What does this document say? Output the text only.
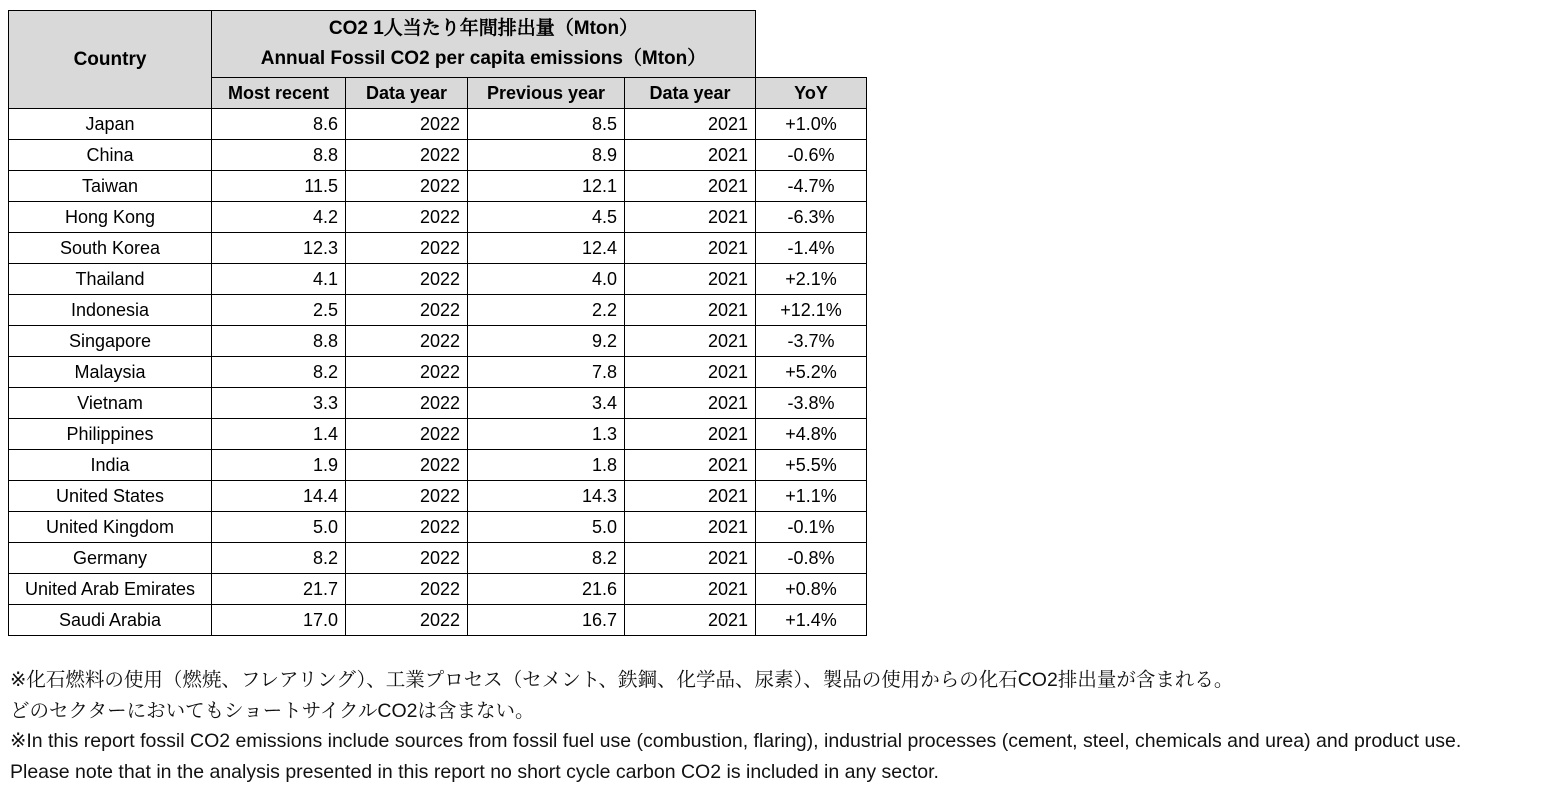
Country	CO2 1人当たり年間排出量（Mton）
Annual Fossil CO2 per capita emissions（Mton）				

	Most recent	Data year	Previous year	Data year	YoY
Japan	8.6	2022	8.5	2021	+1.0%
China	8.8	2022	8.9	2021	-0.6%
Taiwan	11.5	2022	12.1	2021	-4.7%
Hong Kong	4.2	2022	4.5	2021	-6.3%
South Korea	12.3	2022	12.4	2021	-1.4%
Thailand	4.1	2022	4.0	2021	+2.1%
Indonesia	2.5	2022	2.2	2021	+12.1%
Singapore	8.8	2022	9.2	2021	-3.7%
Malaysia	8.2	2022	7.8	2021	+5.2%
Vietnam	3.3	2022	3.4	2021	-3.8%
Philippines	1.4	2022	1.3	2021	+4.8%
India	1.9	2022	1.8	2021	+5.5%
United States	14.4	2022	14.3	2021	+1.1%
United Kingdom	5.0	2022	5.0	2021	-0.1%
Germany	8.2	2022	8.2	2021	-0.8%
United Arab Emirates	21.7	2022	21.6	2021	+0.8%
Saudi Arabia	17.0	2022	16.7	2021	+1.4%
※化石燃料の使用（燃焼、フレアリング）、工業プロセス（セメント、鉄鋼、化学品、尿素）、製品の使用からの化石CO2排出量が含まれる。
どのセクターにおいてもショートサイクルCO2は含まない。
※In this report fossil CO2 emissions include sources from fossil fuel use (combustion, flaring), industrial processes (cement, steel, chemicals and urea) and product use.
Please note that in the analysis presented in this report no short cycle carbon CO2 is included in any sector.
